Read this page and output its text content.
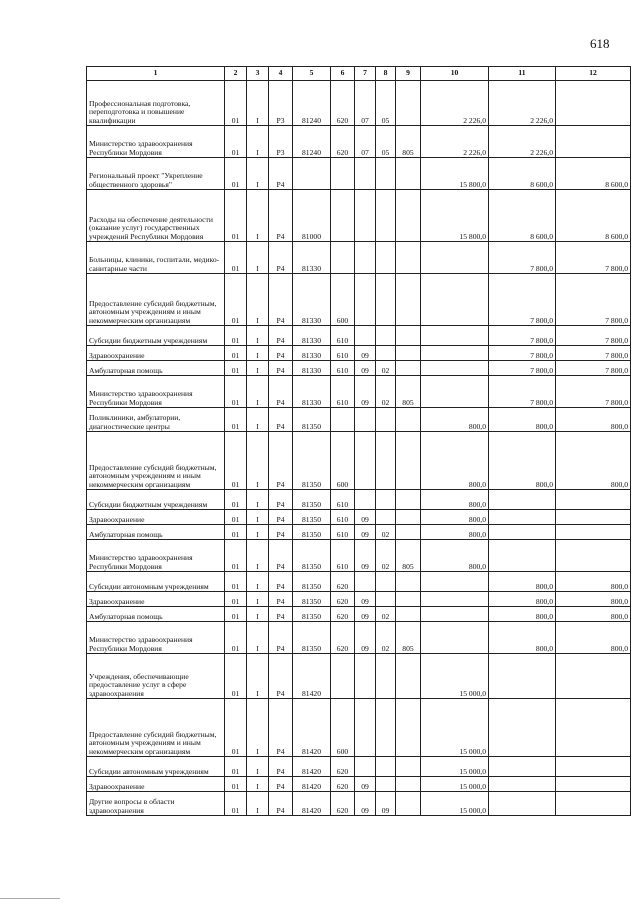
618
1	2	3	4	5	6	7	8	9	10	11	12
Профессиональная подготовка, переподготовка и повышение квалификации	01	I	P3	81240	620	07	05		2 226,0	2 226,0	
Министерство здравоохранения Республики Мордовия	01	I	P3	81240	620	07	05	805	2 226,0	2 226,0	
Региональный проект "Укрепление общественного здоровья"	01	I	P4						15 800,0	8 600,0	8 600,0
Расходы на обеспечение деятельности (оказание услуг) государственных учреждений Республики Мордовия	01	I	P4	81000					15 800,0	8 600,0	8 600,0
Больницы, клиники, госпитали, медико-санитарные части	01	I	P4	81330						7 800,0	7 800,0
Предоставление субсидий бюджетным, автономным учреждениям и иным некоммерческим организациям	01	I	P4	81330	600					7 800,0	7 800,0
Субсидии бюджетным учреждениям	01	I	P4	81330	610					7 800,0	7 800,0
Здравоохранение	01	I	P4	81330	610	09				7 800,0	7 800,0
Амбулаторная помощь	01	I	P4	81330	610	09	02			7 800,0	7 800,0
Министерство здравоохранения Республики Мордовия	01	I	P4	81330	610	09	02	805		7 800,0	7 800,0
Поликлиники, амбулатории, диагностические центры	01	I	P4	81350					800,0	800,0	800,0
Предоставление субсидий бюджетным, автономным учреждениям и иным некоммерческим организациям	01	I	P4	81350	600				800,0	800,0	800,0
Субсидии бюджетным учреждениям	01	I	P4	81350	610				800,0		
Здравоохранение	01	I	P4	81350	610	09			800,0		
Амбулаторная помощь	01	I	P4	81350	610	09	02		800,0		
Министерство здравоохранения Республики Мордовия	01	I	P4	81350	610	09	02	805	800,0		
Субсидии автономным учреждениям	01	I	P4	81350	620					800,0	800,0
Здравоохранение	01	I	P4	81350	620	09				800,0	800,0
Амбулаторная помощь	01	I	P4	81350	620	09	02			800,0	800,0
Министерство здравоохранения Республики Мордовия	01	I	P4	81350	620	09	02	805		800,0	800,0
Учреждения, обеспечивающие предоставление услуг в сфере здравоохранения	01	I	P4	81420					15 000,0		
Предоставление субсидий бюджетным, автономным учреждениям и иным некоммерческим организациям	01	I	P4	81420	600				15 000,0		
Субсидии автономным учреждениям	01	I	P4	81420	620				15 000,0		
Здравоохранение	01	I	P4	81420	620	09			15 000,0		
Другие вопросы в области здравоохранения	01	I	P4	81420	620	09	09		15 000,0		
